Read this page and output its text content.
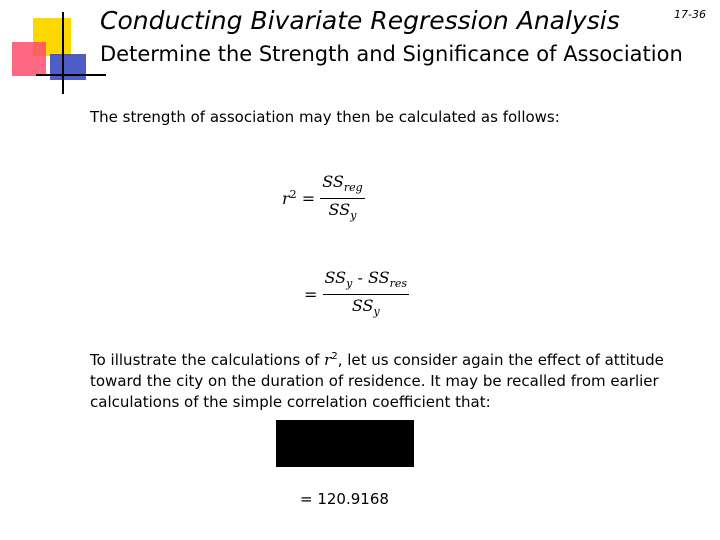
Conducting Bivariate Regression Analysis	17-36
Determine the Strength and Significance of Association
The strength of association may then be calculated as follows:
$r^2 = \frac{SS_{reg}}{SS_y}$
= $\frac{SS_y - SS_{res}}{SS_y}$
To illustrate the calculations of $r^2$, let us consider again the effect of attitude toward the city on the duration of residence. It may be recalled from earlier calculations of the simple correlation coefficient that:
= 120.9168
